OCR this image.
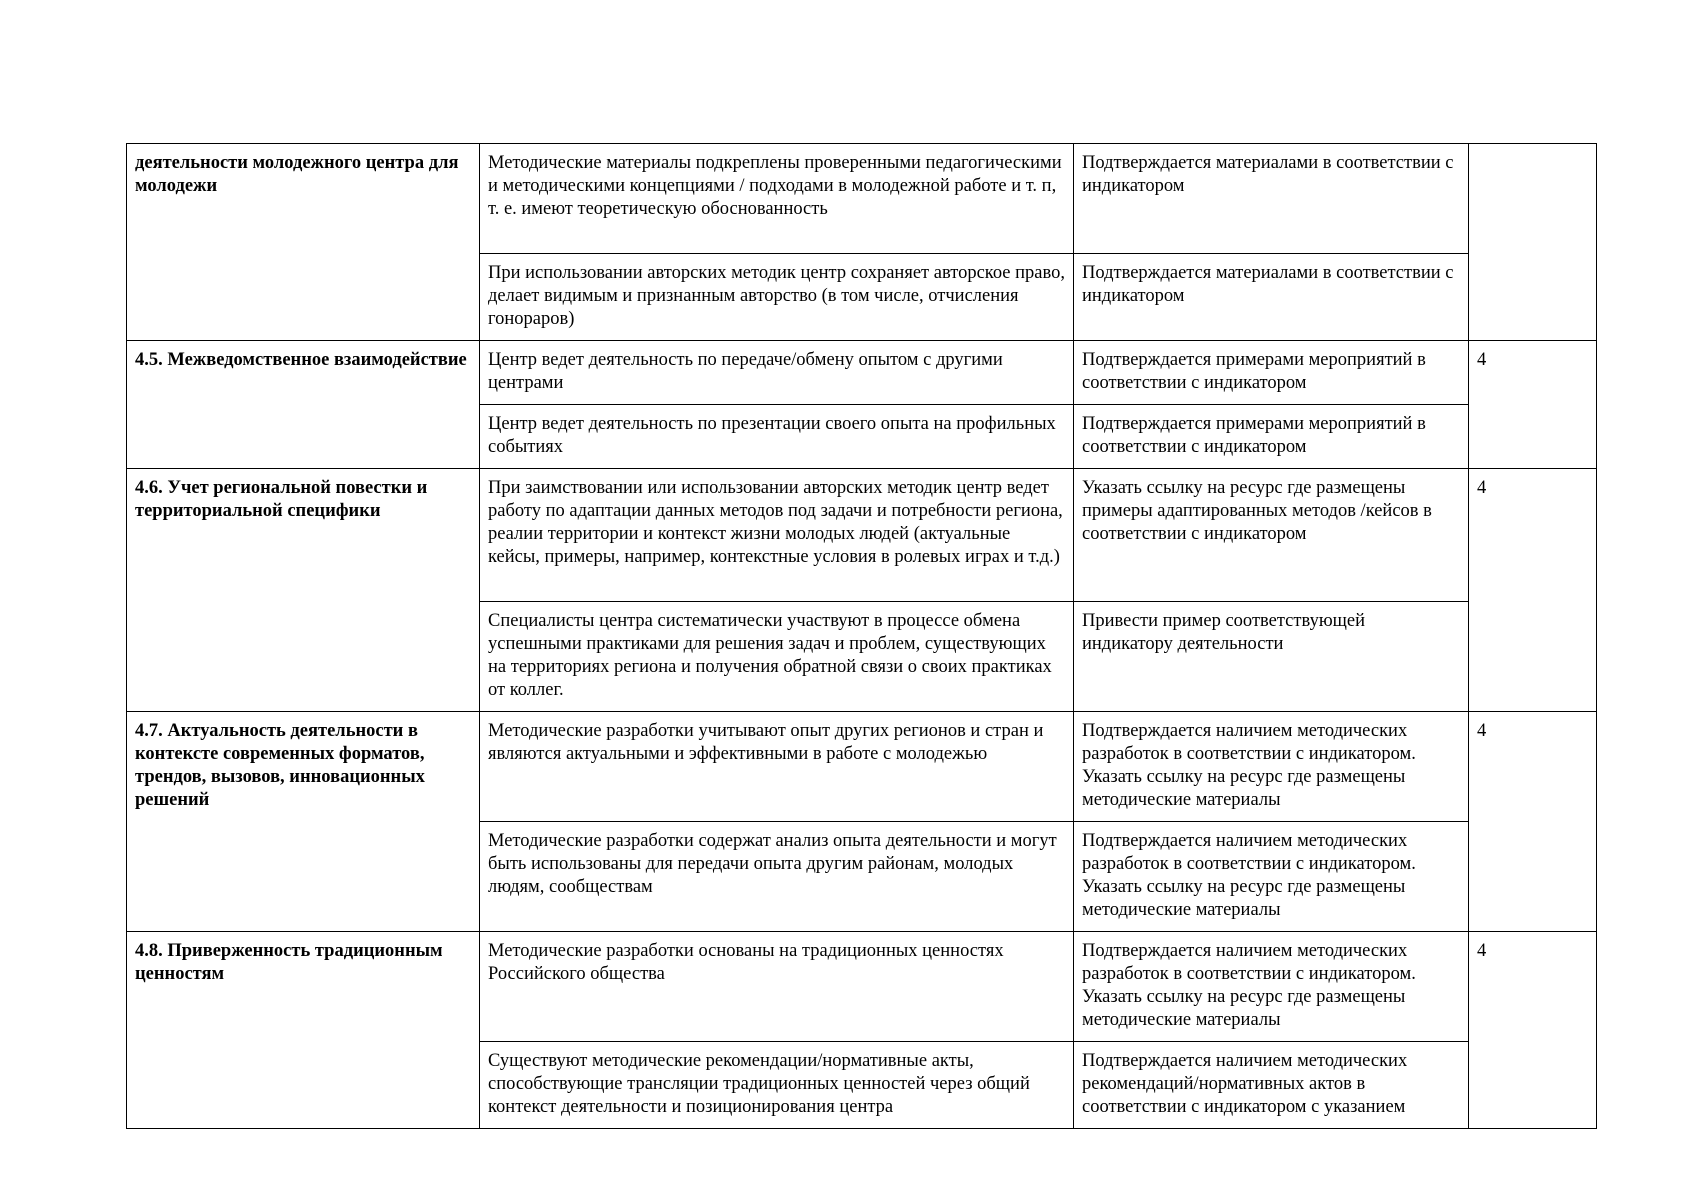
деятельности молодежного центра для молодежи	Методические материалы подкреплены проверенными педагогическими и методическими концепциями / подходами в молодежной работе и т. п, т. е. имеют теоретическую обоснованность	Подтверждается материалами в соответствии с индикатором	
	При использовании авторских методик центр сохраняет авторское право, делает видимым и признанным авторство (в том числе, отчисления гонораров)	Подтверждается материалами в соответствии с индикатором	
4.5. Межведомственное взаимодействие	Центр ведет деятельность по передаче/обмену опытом с другими центрами	Подтверждается примерами мероприятий в соответствии с индикатором	4
	Центр ведет деятельность по презентации своего опыта на профильных событиях	Подтверждается примерами мероприятий в соответствии с индикатором	
4.6. Учет региональной повестки и территориальной специфики	При заимствовании или использовании авторских методик центр ведет работу по адаптации данных методов под задачи и потребности региона, реалии территории и контекст жизни молодых людей (актуальные кейсы, примеры, например, контекстные условия в ролевых играх и т.д.)	Указать ссылку на ресурс где размещены примеры адаптированных методов /кейсов в соответствии с индикатором	4
	Специалисты центра систематически участвуют в процессе обмена успешными практиками для решения задач и проблем, существующих на территориях региона и получения обратной связи о своих практиках от коллег.	Привести пример соответствующей индикатору деятельности	
4.7. Актуальность деятельности в контексте современных форматов, трендов, вызовов, инновационных решений	Методические разработки учитывают опыт других регионов и стран и являются актуальными и эффективными в работе с молодежью	Подтверждается наличием методических разработок в соответствии с индикатором. Указать ссылку на ресурс где размещены методические материалы	4
	Методические разработки содержат анализ опыта деятельности и могут быть использованы для передачи опыта другим районам, молодых людям, сообществам	Подтверждается наличием методических разработок в соответствии с индикатором. Указать ссылку на ресурс где размещены методические материалы	
4.8. Приверженность традиционным ценностям	Методические разработки основаны на традиционных ценностях Российского общества	Подтверждается наличием методических разработок в соответствии с индикатором. Указать ссылку на ресурс где размещены методические материалы	4
	Существуют методические рекомендации/нормативные акты, способствующие трансляции традиционных ценностей через общий контекст деятельности и позиционирования центра	Подтверждается наличием методических рекомендаций/нормативных актов в соответствии с индикатором с указанием	
